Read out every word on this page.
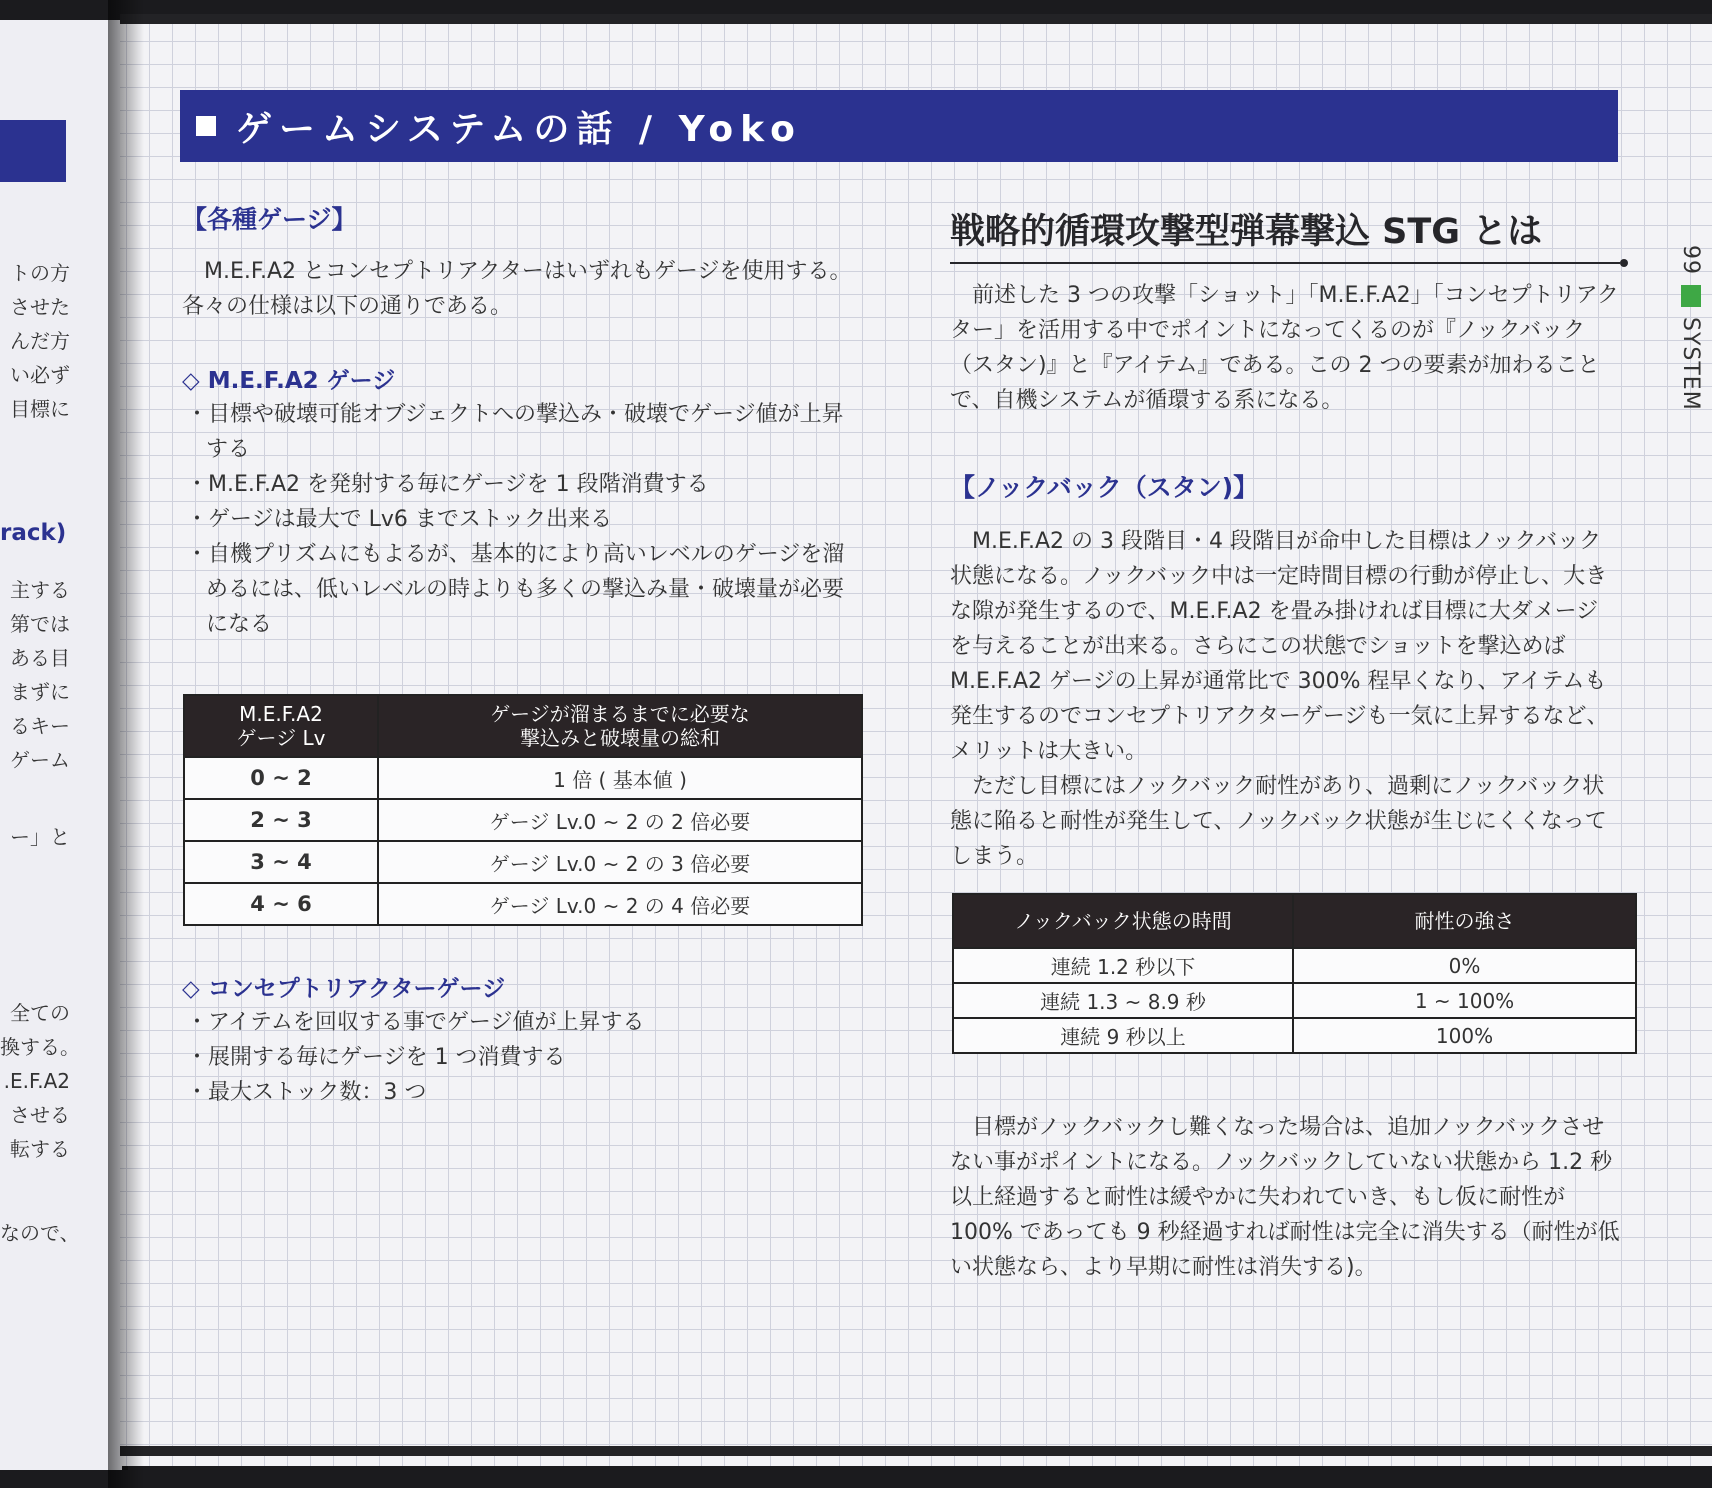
トの方
させた
んだ方
い必ず
目標に
rack)
主する
第では
ある目
まずに
るキー
ゲーム
ー」と
全ての
換する。
.E.F.A2
させる
転する
なので、
ゲームシステムの話 / Yoko
【各種ゲージ】

M.E.F.A2 とコンセプトリアクターはいずれもゲージを使用する。各々の仕様は以下の通りである。

◇ M.E.F.A2 ゲージ
・ 目標や破壊可能オブジェクトへの撃込み・破壊でゲージ値が上昇する
・ M.E.F.A2 を発射する毎にゲージを 1 段階消費する
・ ゲージは最大で Lv6 までストック出来る
・ 自機プリズムにもよるが、基本的により高いレベルのゲージを溜めるには、低いレベルの時よりも多くの撃込み量・破壊量が必要になる
M.E.F.A2
ゲージ Lv	ゲージが溜まるまでに必要な
撃込みと破壊量の総和

0 ~ 2	1 倍 ( 基本値 )
2 ~ 3	ゲージ Lv.0 ~ 2 の 2 倍必要
3 ~ 4	ゲージ Lv.0 ~ 2 の 3 倍必要
4 ~ 6	ゲージ Lv.0 ~ 2 の 4 倍必要
◇ コンセプトリアクターゲージ
・ アイテムを回収する事でゲージ値が上昇する
・ 展開する毎にゲージを 1 つ消費する
・ 最大ストック数：3 つ
戦略的循環攻撃型弾幕撃込 STG とは

前述した 3 つの攻撃「ショット」「M.E.F.A2」「コンセプトリアクター」を活用する中でポイントになってくるのが『ノックバック（スタン)』と『アイテム』である。この 2 つの要素が加わることで、自機システムが循環する系になる。

【ノックバック（スタン)】

M.E.F.A2 の 3 段階目・4 段階目が命中した目標はノックバック状態になる。ノックバック中は一定時間目標の行動が停止し、大きな隙が発生するので、M.E.F.A2 を畳み掛ければ目標に大ダメージを与えることが出来る。さらにこの状態でショットを撃込めば M.E.F.A2 ゲージの上昇が通常比で 300% 程早くなり、アイテムも発生するのでコンセプトリアクターゲージも一気に上昇するなど、メリットは大きい。

ただし目標にはノックバック耐性があり、過剰にノックバック状態に陥ると耐性が発生して、ノックバック状態が生じにくくなってしまう。

ノックバック状態の時間	耐性の強さ
連続 1.2 秒以下	0%
連続 1.3 ~ 8.9 秒	1 ~ 100%
連続 9 秒以上	100%

目標がノックバックし難くなった場合は、追加ノックバックさせない事がポイントになる。ノックバックしていない状態から 1.2 秒以上経過すると耐性は緩やかに失われていき、もし仮に耐性が 100% であっても 9 秒経過すれば耐性は完全に消失する（耐性が低い状態なら、より早期に耐性は消失する)。

99
SYSTEM
